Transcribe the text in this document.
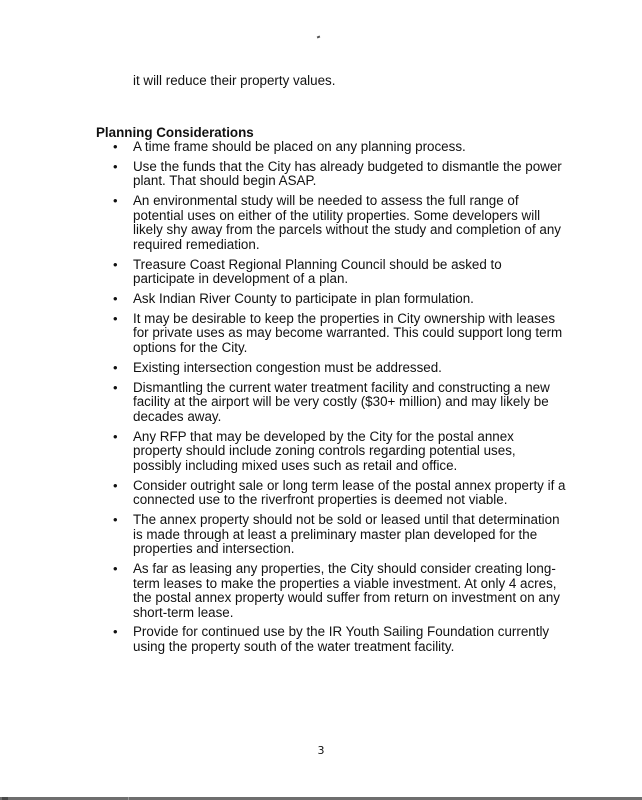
it will reduce their property values.

Planning Considerations
• A time frame should be placed on any planning process.
• Use the funds that the City has already budgeted to dismantle the power plant. That should begin ASAP.
• An environmental study will be needed to assess the full range of potential uses on either of the utility properties. Some developers will likely shy away from the parcels without the study and completion of any required remediation.
• Treasure Coast Regional Planning Council should be asked to participate in development of a plan.
• Ask Indian River County to participate in plan formulation.
• It may be desirable to keep the properties in City ownership with leases for private uses as may become warranted. This could support long term options for the City.
• Existing intersection congestion must be addressed.
• Dismantling the current water treatment facility and constructing a new facility at the airport will be very costly ($30+ million) and may likely be decades away.
• Any RFP that may be developed by the City for the postal annex property should include zoning controls regarding potential uses, possibly including mixed uses such as retail and office.
• Consider outright sale or long term lease of the postal annex property if a connected use to the riverfront properties is deemed not viable.
• The annex property should not be sold or leased until that determination is made through at least a preliminary master plan developed for the properties and intersection.
• As far as leasing any properties, the City should consider creating long-term leases to make the properties a viable investment. At only 4 acres, the postal annex property would suffer from return on investment on any short-term lease.
• Provide for continued use by the IR Youth Sailing Foundation currently using the property south of the water treatment facility.
3
